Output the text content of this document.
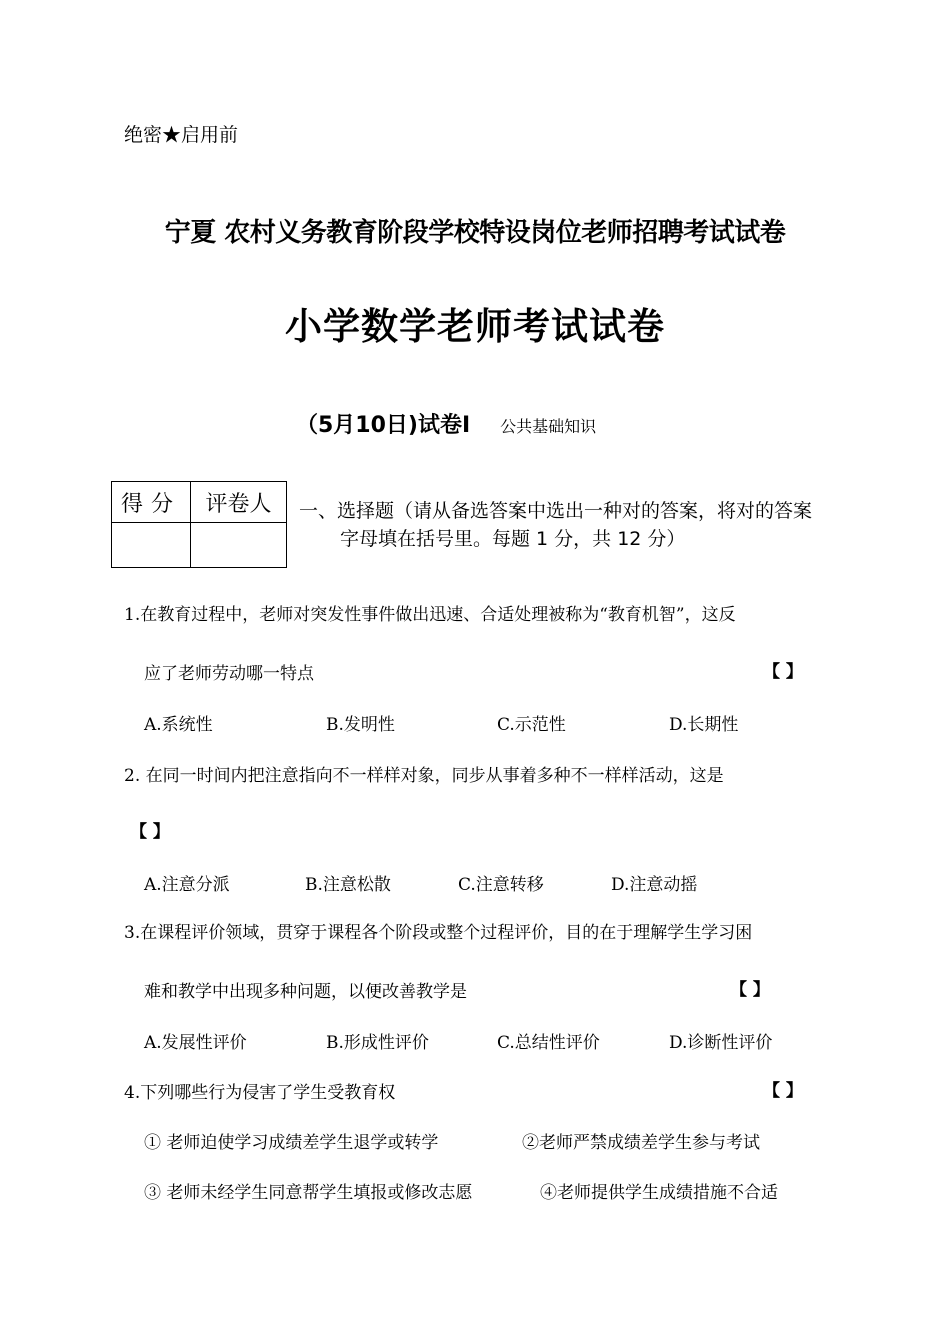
绝密★启用前
宁夏 农村义务教育阶段学校特设岗位老师招聘考试试卷
小学数学老师考试试卷
（5月10日)试卷Ⅰ 公共基础知识
得分	评卷人
	一、选择题（请从备选答案中选出一种对的答案，将对的答案
字母填在括号里。每题 1 分，共 12 分）
1.在教育过程中，老师对突发性事件做出迅速、合适处理被称为“教育机智”，这反
应了老师劳动哪一特点	【 】
A.系统性	B.发明性	C.示范性	D.长期性
2. 在同一时间内把注意指向不一样样对象，同步从事着多种不一样样活动，这是
【 】
A.注意分派	B.注意松散	C.注意转移	D.注意动摇
3.在课程评价领域，贯穿于课程各个阶段或整个过程评价，目的在于理解学生学习困
难和教学中出现多种问题，以便改善教学是	【 】
A.发展性评价	B.形成性评价	C.总结性评价	D.诊断性评价
4.下列哪些行为侵害了学生受教育权	【 】
① 老师迫使学习成绩差学生退学或转学	②老师严禁成绩差学生参与考试
③ 老师未经学生同意帮学生填报或修改志愿	④老师提供学生成绩措施不合适
